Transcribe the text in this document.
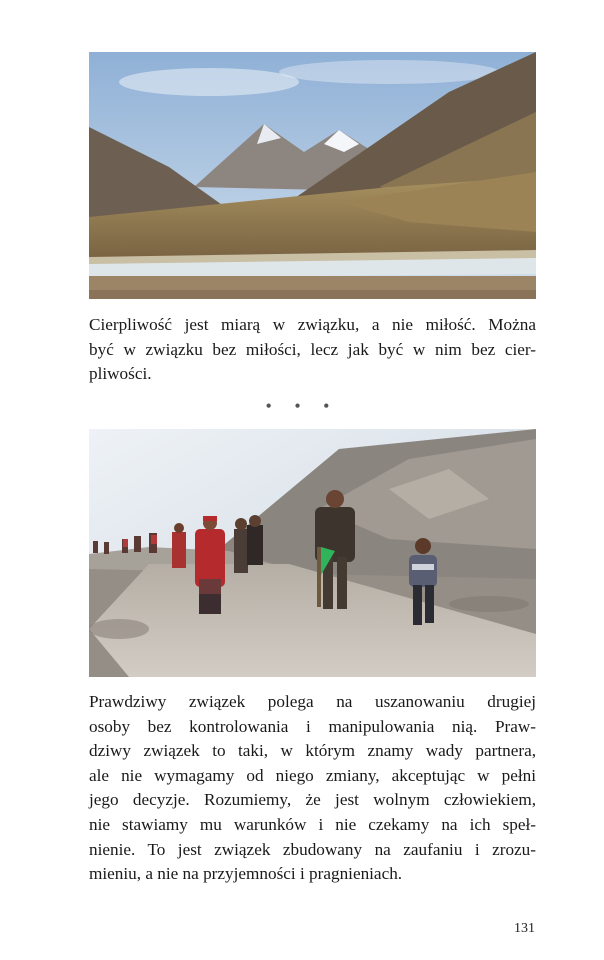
Cierpliwość jest miarą w związku, a nie miłość. Można
być w związku bez miłości, lecz jak być w nim bez cier-
pliwości.

• • •

Prawdziwy związek polega na uszanowaniu drugiej
osoby bez kontrolowania i manipulowania nią. Praw-
dziwy związek to taki, w którym znamy wady partnera,
ale nie wymagamy od niego zmiany, akceptując w pełni
jego decyzje. Rozumiemy, że jest wolnym człowiekiem,
nie stawiamy mu warunków i nie czekamy na ich speł-
nienie. To jest związek zbudowany na zaufaniu i zrozu-
mieniu, a nie na przyjemności i pragnieniach.

131
